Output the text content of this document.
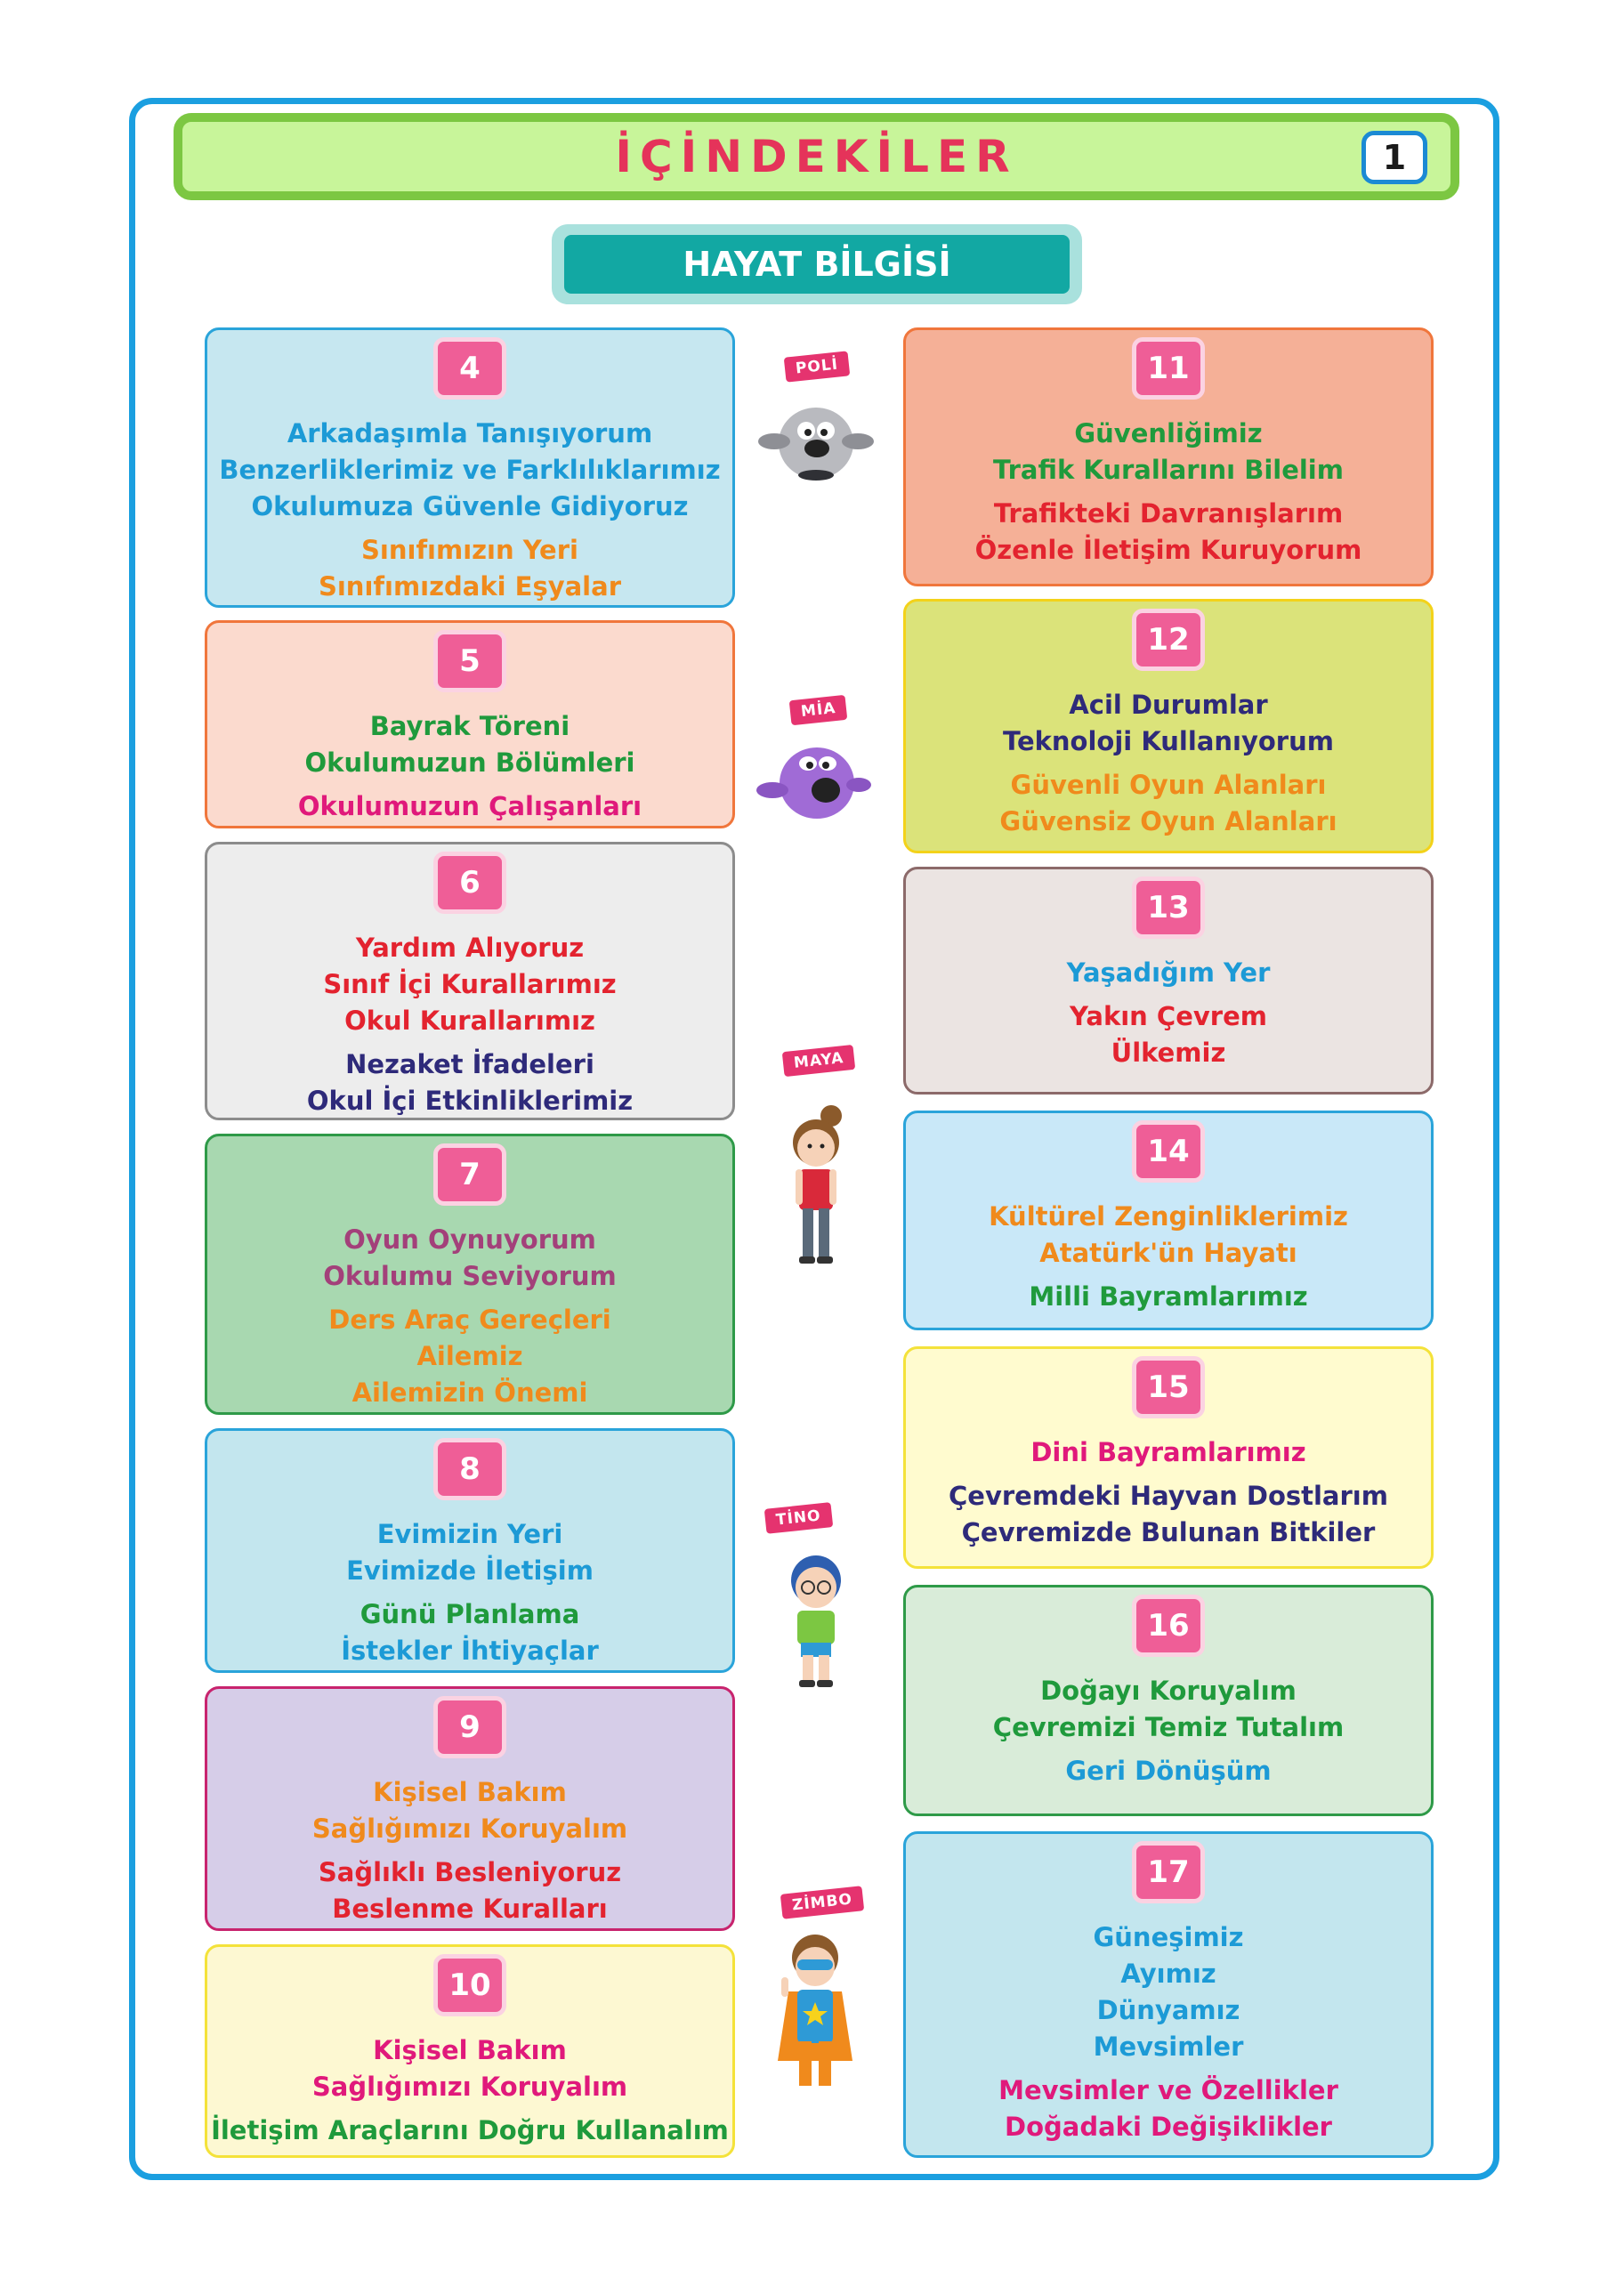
İÇİNDEKİLER	1
HAYAT BİLGİSİ
4
Arkadaşımla Tanışıyorum
Benzerliklerimiz ve Farklılıklarımız
Okulumuza Güvenle Gidiyoruz
Sınıfımızın Yeri
Sınıfımızdaki Eşyalar
5
Bayrak Töreni
Okulumuzun Bölümleri
Okulumuzun Çalışanları
6
Yardım Alıyoruz
Sınıf İçi Kurallarımız
Okul Kurallarımız
Nezaket İfadeleri
Okul İçi Etkinliklerimiz
7
Oyun Oynuyorum
Okulumu Seviyorum
Ders Araç Gereçleri
Ailemiz
Ailemizin Önemi
8
Evimizin Yeri
Evimizde İletişim
Günü Planlama
İstekler İhtiyaçlar
9
Kişisel Bakım
Sağlığımızı Koruyalım
Sağlıklı Besleniyoruz
Beslenme Kuralları
10
Kişisel Bakım
Sağlığımızı Koruyalım
İletişim Araçlarını Doğru Kullanalım
11
Güvenliğimiz
Trafik Kurallarını Bilelim
Trafikteki Davranışlarım
Özenle İletişim Kuruyorum
12
Acil Durumlar
Teknoloji Kullanıyorum
Güvenli Oyun Alanları
Güvensiz Oyun Alanları
13
Yaşadığım Yer
Yakın Çevrem
Ülkemiz
14
Kültürel Zenginliklerimiz
Atatürk'ün Hayatı
Milli Bayramlarımız
15
Dini Bayramlarımız
Çevremdeki Hayvan Dostlarım
Çevremizde Bulunan Bitkiler
16
Doğayı Koruyalım
Çevremizi Temiz Tutalım
Geri Dönüşüm
17
Güneşimiz
Ayımız
Dünyamız
Mevsimler
Mevsimler ve Özellikler
Doğadaki Değişiklikler
POLİ
MİA
MAYA
TİNO
ZİMBO
